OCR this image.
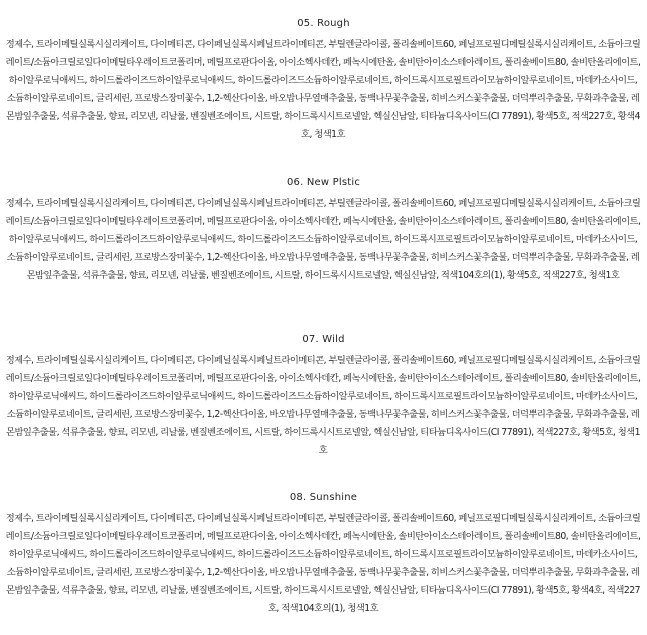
05. Rough

정제수, 트라이메틸실록시실리케이트, 다이메티콘, 다이페닐실록시페닐트라이메티콘, 부틸렌글라이콜, 폴리솔베이트60, 페닐프로필디메틸실록시실리케이트, 소듐아크릴레이트/소듐아크릴로일다이메틸타우레이트코폴리머, 메틸프로판다이올, 아이소헥사데칸, 페녹시에탄올, 솔비탄아이소스테아레이트, 폴리솔베이트80, 솔비탄올리에이트, 하이알루로닉애씨드, 하이드롤라이즈드하이알루로닉애씨드, 하이드롤라이즈드소듐하이알루로네이트, 하이드록시프로필트라이모늄하이알루로네이트, 마데카소사이드, 소듐하이알루로네이트, 글리세린, 프로방스장미꽃수, 1,2-헥산다이올, 바오밥나무열매추출물, 동백나무꽃추출물, 히비스커스꽃추출물, 더덕뿌리추출물, 무화과추출물, 레몬밤잎추출물, 석류추출물, 향료, 리모넨, 리날룰, 벤질벤조에이트, 시트랄, 하이드록시시트로넬알, 헥실신남알, 티타늄디옥사이드(CI 77891), 황색5호, 적색227호, 황색4호, 청색1호

06. New Plstic

정제수, 트라이메틸실록시실리케이트, 다이메티콘, 다이페닐실록시페닐트라이메티콘, 부틸렌글라이콜, 폴리솔베이트60, 페닐프로필디메틸실록시실리케이트, 소듐아크릴레이트/소듐아크릴로일다이메틸타우레이트코폴리머, 메틸프로판다이올, 아이소헥사데칸, 페녹시에탄올, 솔비탄아이소스테아레이트, 폴리솔베이트80, 솔비탄올리에이트, 하이알루로닉애씨드, 하이드롤라이즈드하이알루로닉애씨드, 하이드롤라이즈드소듐하이알루로네이트, 하이드록시프로필트라이모늄하이알루로네이트, 마데카소사이드, 소듐하이알루로네이트, 글리세린, 프로방스장미꽃수, 1,2-헥산다이올, 바오밥나무열매추출물, 동백나무꽃추출물, 히비스커스꽃추출물, 더덕뿌리추출물, 무화과추출물, 레몬밤잎추출물, 석류추출물, 향료, 리모넨, 리날룰, 벤질벤조에이트, 시트랄, 하이드록시시트로넬알, 헥실신남알, 적색104호의(1), 황색5호, 적색227호, 청색1호

07. Wild

정제수, 트라이메틸실록시실리케이트, 다이메티콘, 다이페닐실록시페닐트라이메티콘, 부틸렌글라이콜, 폴리솔베이트60, 페닐프로필디메틸실록시실리케이트, 소듐아크릴레이트/소듐아크릴로일다이메틸타우레이트코폴리머, 메틸프로판다이올, 아이소헥사데칸, 페녹시에탄올, 솔비탄아이소스테아레이트, 폴리솔베이트80, 솔비탄올리에이트, 하이알루로닉애씨드, 하이드롤라이즈드하이알루로닉애씨드, 하이드롤라이즈드소듐하이알루로네이트, 하이드록시프로필트라이모늄하이알루로네이트, 마데카소사이드, 소듐하이알루로네이트, 글리세린, 프로방스장미꽃수, 1,2-헥산다이올, 바오밥나무열매추출물, 동백나무꽃추출물, 히비스커스꽃추출물, 더덕뿌리추출물, 무화과추출물, 레몬밤잎추출물, 석류추출물, 향료, 리모넨, 리날룰, 벤질벤조에이트, 시트랄, 하이드록시시트로넬알, 헥실신남알, 티타늄디옥사이드(CI 77891), 적색227호, 황색5호, 청색1호

08. Sunshine

정제수, 트라이메틸실록시실리케이트, 다이메티콘, 다이페닐실록시페닐트라이메티콘, 부틸렌글라이콜, 폴리솔베이트60, 페닐프로필디메틸실록시실리케이트, 소듐아크릴레이트/소듐아크릴로일다이메틸타우레이트코폴리머, 메틸프로판다이올, 아이소헥사데칸, 페녹시에탄올, 솔비탄아이소스테아레이트, 폴리솔베이트80, 솔비탄올리에이트, 하이알루로닉애씨드, 하이드롤라이즈드하이알루로닉애씨드, 하이드롤라이즈드소듐하이알루로네이트, 하이드록시프로필트라이모늄하이알루로네이트, 마데카소사이드, 소듐하이알루로네이트, 글리세린, 프로방스장미꽃수, 1,2-헥산다이올, 바오밥나무열매추출물, 동백나무꽃추출물, 히비스커스꽃추출물, 더덕뿌리추출물, 무화과추출물, 레몬밤잎추출물, 석류추출물, 향료, 리모넨, 리날룰, 벤질벤조에이트, 시트랄, 하이드록시시트로넬알, 헥실신남알, 티타늄디옥사이드(CI 77891), 황색5호, 황색4호, 적색227호, 적색104호의(1), 청색1호
